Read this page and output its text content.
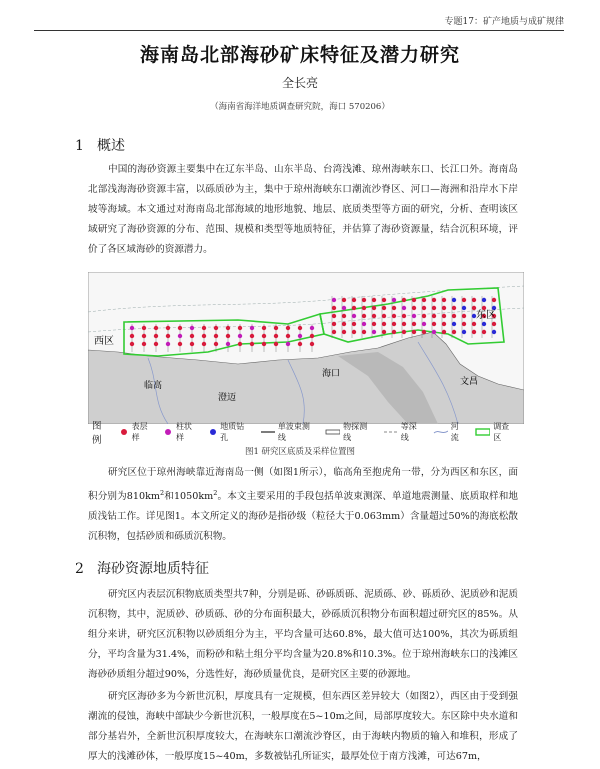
专题17：矿产地质与成矿规律
海南岛北部海砂矿床特征及潜力研究
全长亮
（海南省海洋地质调查研究院，海口 570206）
1 概述

中国的海砂资源主要集中在辽东半岛、山东半岛、台湾浅滩、琼州海峡东口、长江口外。海南岛北部浅海海砂资源丰富，以砾质砂为主，集中于琼州海峡东口潮流沙脊区、河口—海洲和沿岸水下岸坡等海域。本文通过对海南岛北部海域的地形地貌、地层、底质类型等方面的研究，分析、查明该区域研究了海砂资源的分布、范围、规模和类型等地质特征，并估算了海砂资源量，结合沉积环境，评价了各区域海砂的资源潜力。

西区
东区
海口
临高
澄迈
文昌
图例
表层样
柱状样
地质钻孔
单波束测线
物探测线
等深线
河流
调查区
图1 研究区底质及采样位置图

研究区位于琼州海峡靠近海南岛一侧（如图1所示），临高角至抱虎角一带，分为西区和东区，面积分别为$810km^2$和$1050km^2$。本文主要采用的手段包括单波束测深、单道地震测量、底质取样和地质浅钻工作。详见图1。本文所定义的海砂是指砂级（粒径大于0.063mm）含量超过50%的海底松散沉积物，包括砂质和砾质沉积物。

2 海砂资源地质特征

研究区内表层沉积物底质类型共7种，分别是砾、砂砾质砾、泥质砾、砂、砾质砂、泥质砂和泥质沉积物，其中，泥质砂、砂质砾、砂的分布面积最大，砂砾质沉积物分布面积超过研究区的85%。从组分来讲，研究区沉积物以砂质组分为主，平均含量可达60.8%，最大值可达100%，其次为砾质组分，平均含量为31.4%，而粉砂和粘土组分平均含量为20.8%和10.3%。位于琼州海峡东口的浅滩区海砂砂质组分超过90%，分选性好，海砂质量优良，是研究区主要的砂源地。

研究区海砂多为今新世沉积，厚度具有一定规模，但东西区差异较大（如图2），西区由于受到强潮流的侵蚀，海峡中部缺少今新世沉积，一般厚度在5~10m之间，局部厚度较大。东区除中央水道和部分基岩外，全新世沉积厚度较大，在海峡东口潮流沙脊区，由于海峡内物质的输入和堆积，形成了厚大的浅滩砂体，一般厚度15~40m，多数被钻孔所证实，最厚处位于南方浅滩，可达67m，
